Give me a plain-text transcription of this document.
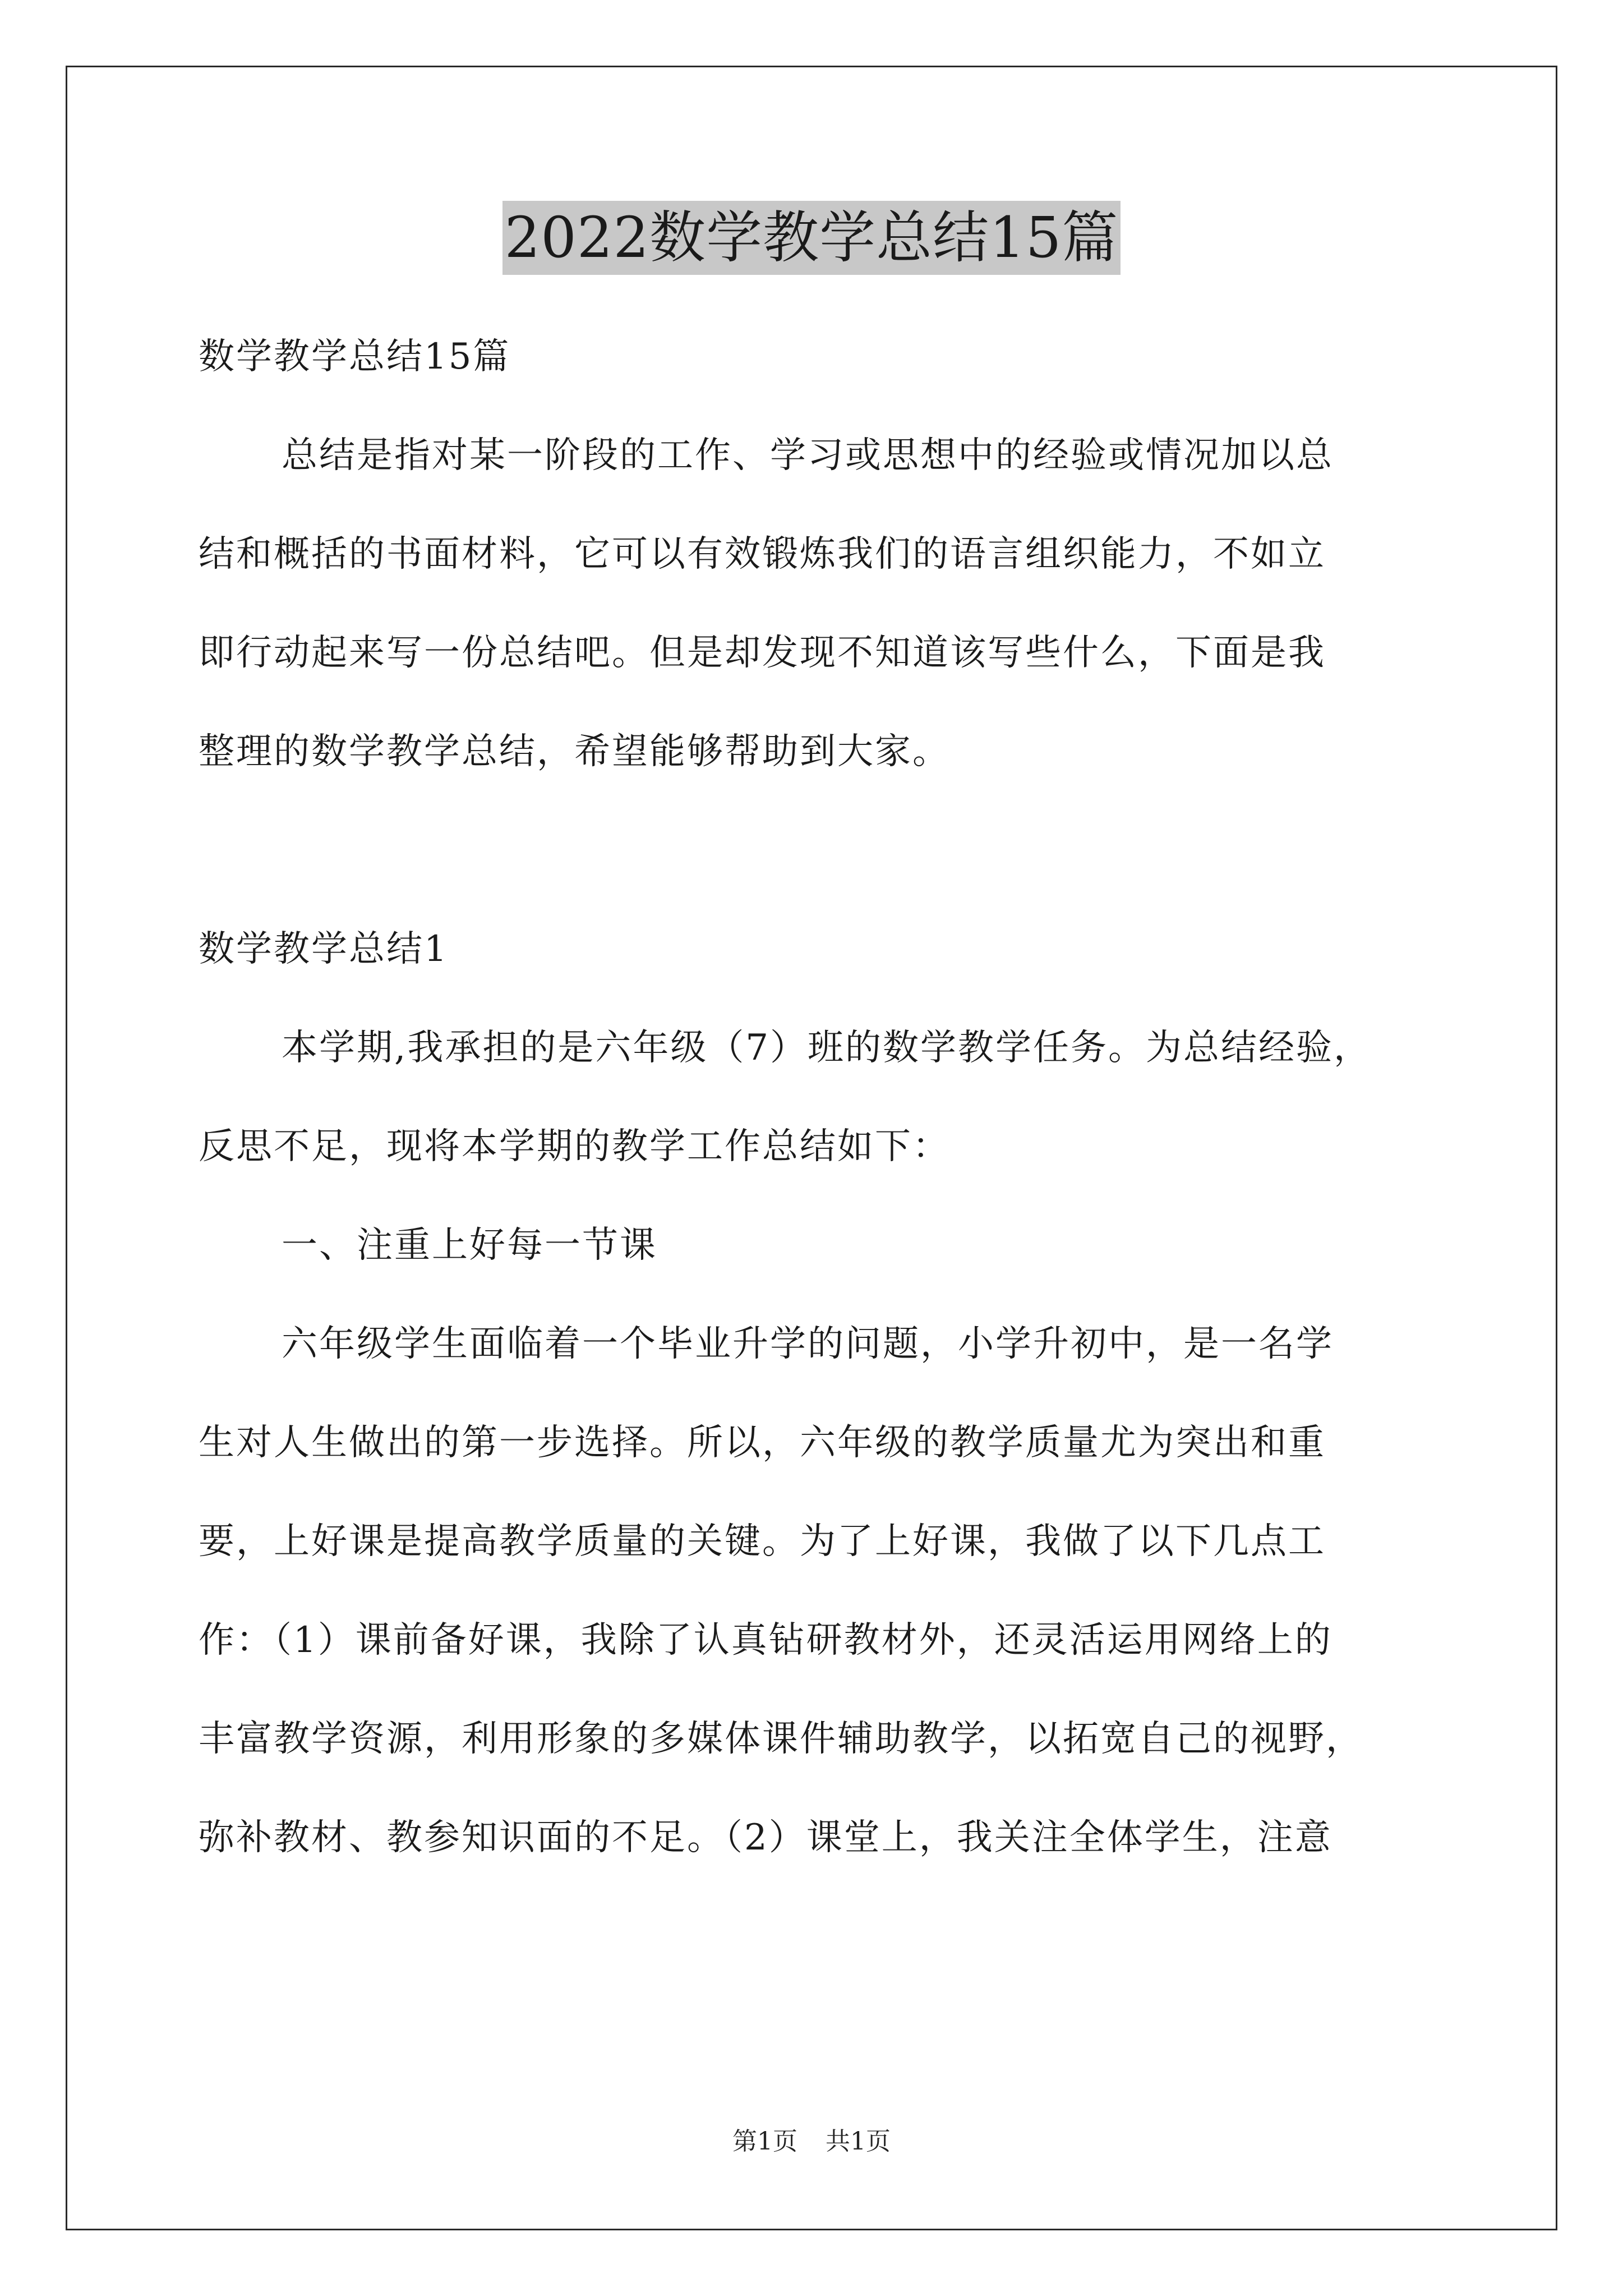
2022数学教学总结15篇
数学教学总结15篇
总结是指对某一阶段的工作、学习或思想中的经验或情况加以总
结和概括的书面材料，它可以有效锻炼我们的语言组织能力，不如立
即行动起来写一份总结吧。但是却发现不知道该写些什么，下面是我
整理的数学教学总结，希望能够帮助到大家。
数学教学总结1
本学期,我承担的是六年级（7）班的数学教学任务。为总结经验，
反思不足，现将本学期的教学工作总结如下：
一、注重上好每一节课
六年级学生面临着一个毕业升学的问题，小学升初中，是一名学
生对人生做出的第一步选择。所以，六年级的教学质量尤为突出和重
要，上好课是提高教学质量的关键。为了上好课，我做了以下几点工
作：（1）课前备好课，我除了认真钻研教材外，还灵活运用网络上的
丰富教学资源，利用形象的多媒体课件辅助教学，以拓宽自己的视野，
弥补教材、教参知识面的不足。（2）课堂上，我关注全体学生，注意
第1页 共1页
